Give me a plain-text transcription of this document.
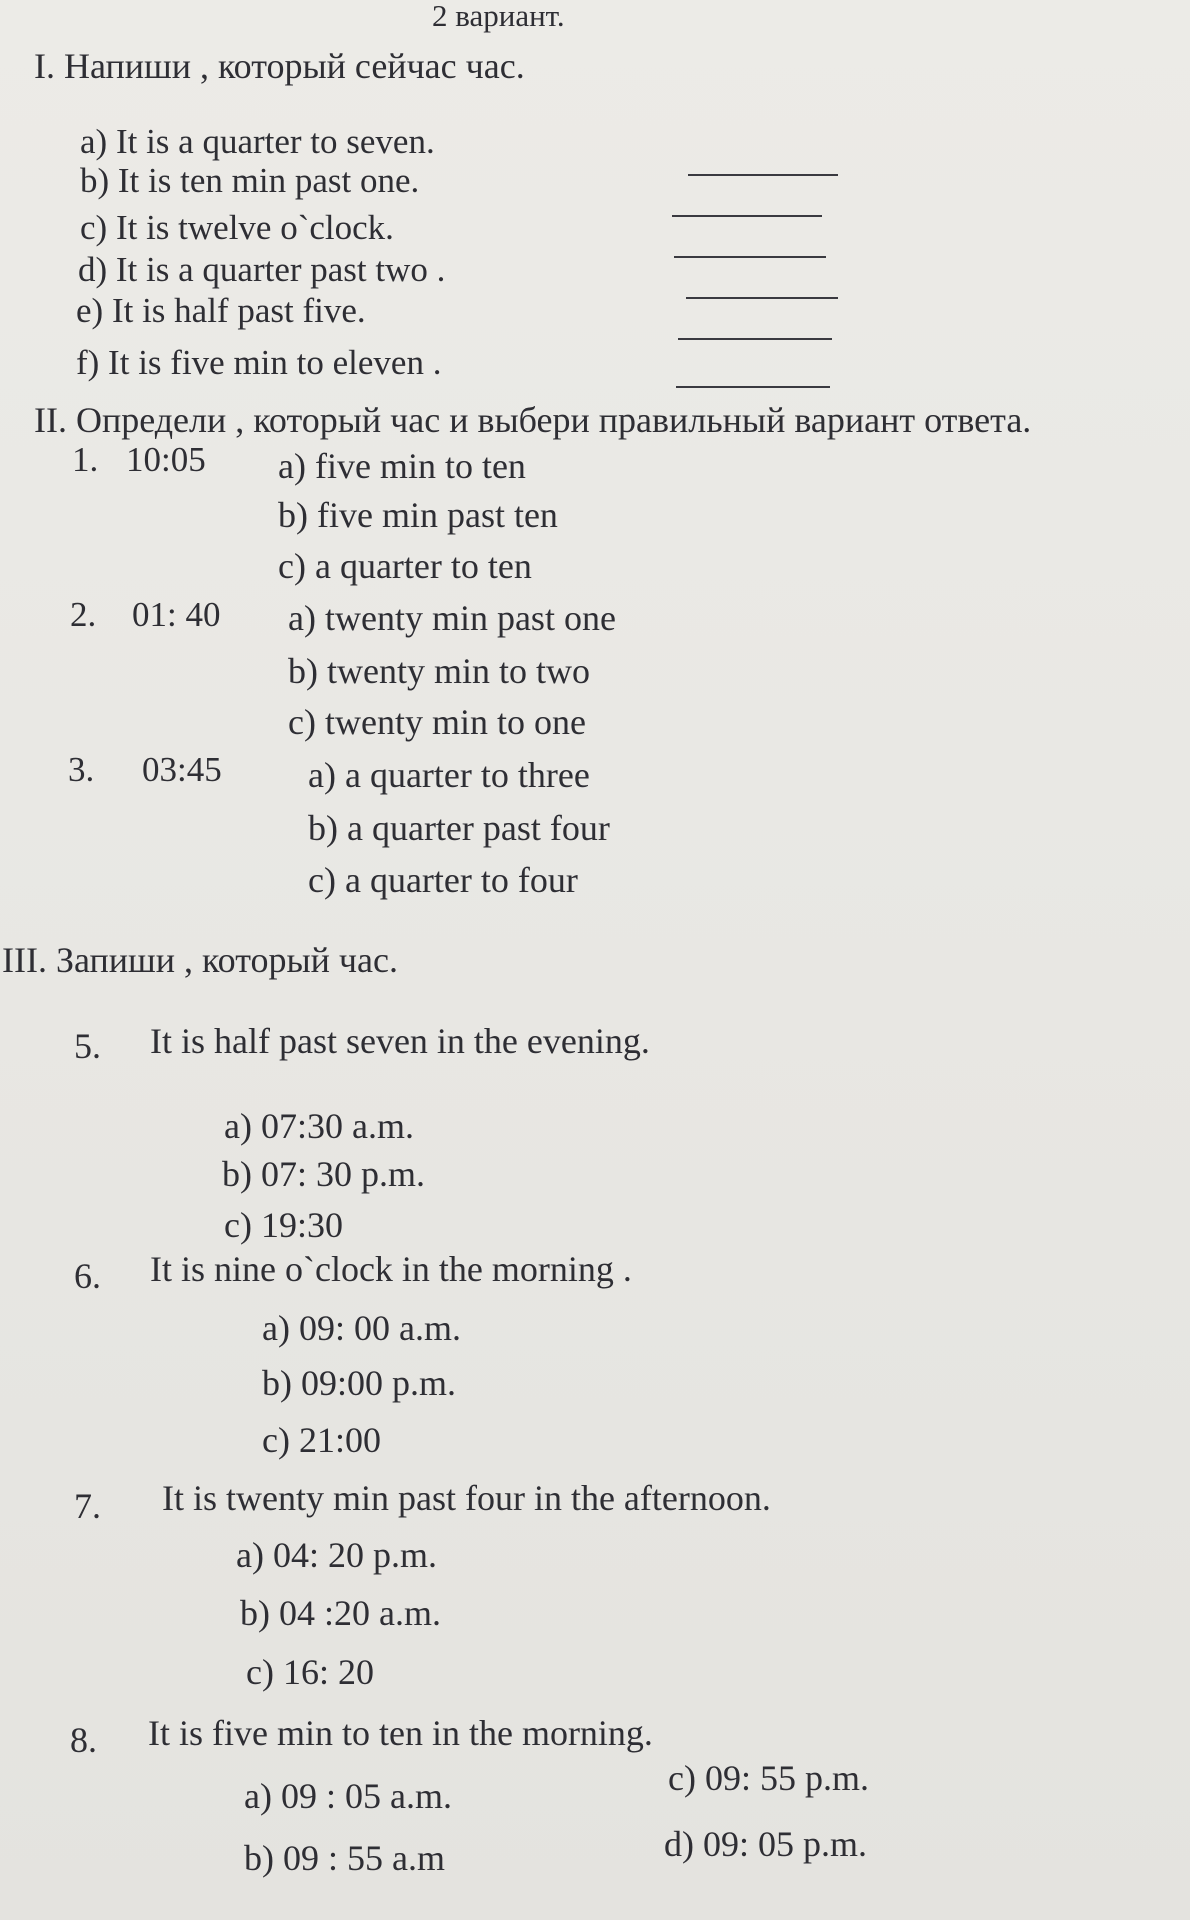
2 вариант.
I. Напиши , который сейчас час.
a) It is a quarter to seven.
b) It is ten min past one.
c) It is twelve o`clock.
d) It is a quarter past two .
e) It is half past five.
f) It is five min to eleven .
II. Определи , который час и выбери правильный вариант ответа.
1. 10:05 a) five min to ten
b) five min past ten
c) a quarter to ten
2. 01: 40 a) twenty min past one
b) twenty min to two
c) twenty min to one
3. 03:45 a) a quarter to three
b) a quarter past four
c) a quarter to four
III. Запиши , который час.
5. It is half past seven in the evening.
a) 07:30 a.m.
b) 07: 30 p.m.
c) 19:30
6. It is nine o`clock in the morning .
a) 09: 00 a.m.
b) 09:00 p.m.
c) 21:00
7. It is twenty min past four in the afternoon.
a) 04: 20 p.m.
b) 04 :20 a.m.
c) 16: 20
8. It is five min to ten in the morning.
a) 09 : 05 a.m.
b) 09 : 55 a.m
c) 09: 55 p.m.
d) 09: 05 p.m.
